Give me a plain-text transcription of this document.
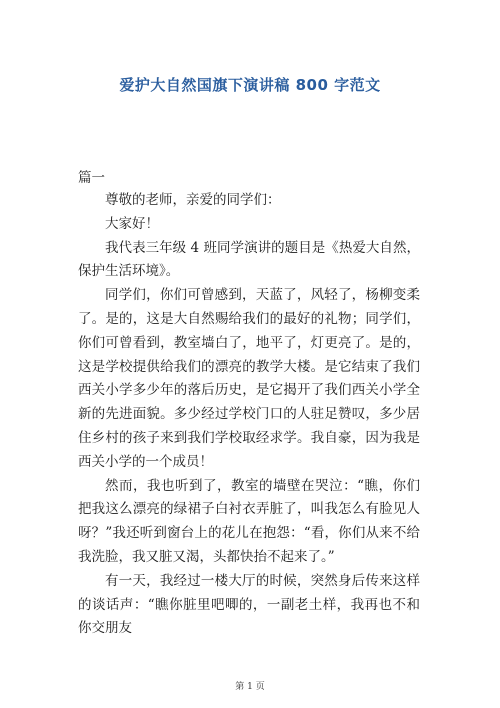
爱护大自然国旗下演讲稿 800 字范文
篇一

尊敬的老师，亲爱的同学们：

大家好！

我代表三年级 4 班同学演讲的题目是《热爱大自然，保护生活环境》。

同学们，你们可曾感到，天蓝了，风轻了，杨柳变柔了。是的，这是大自然赐给我们的最好的礼物；同学们，你们可曾看到，教室墙白了，地平了，灯更亮了。是的，这是学校提供给我们的漂亮的教学大楼。是它结束了我们西关小学多少年的落后历史，是它揭开了我们西关小学全新的先进面貌。多少经过学校门口的人驻足赞叹，多少居住乡村的孩子来到我们学校取经求学。我自豪，因为我是西关小学的一个成员！

然而，我也听到了，教室的墙壁在哭泣：“瞧，你们把我这么漂亮的绿裙子白衬衣弄脏了，叫我怎么有脸见人呀？”我还听到窗台上的花儿在抱怨：“看，你们从来不给我洗脸，我又脏又渴，头都快抬不起来了。”

有一天，我经过一楼大厅的时候，突然身后传来这样的谈话声：“瞧你脏里吧唧的，一副老土样，我再也不和你交朋友

第 1 页
